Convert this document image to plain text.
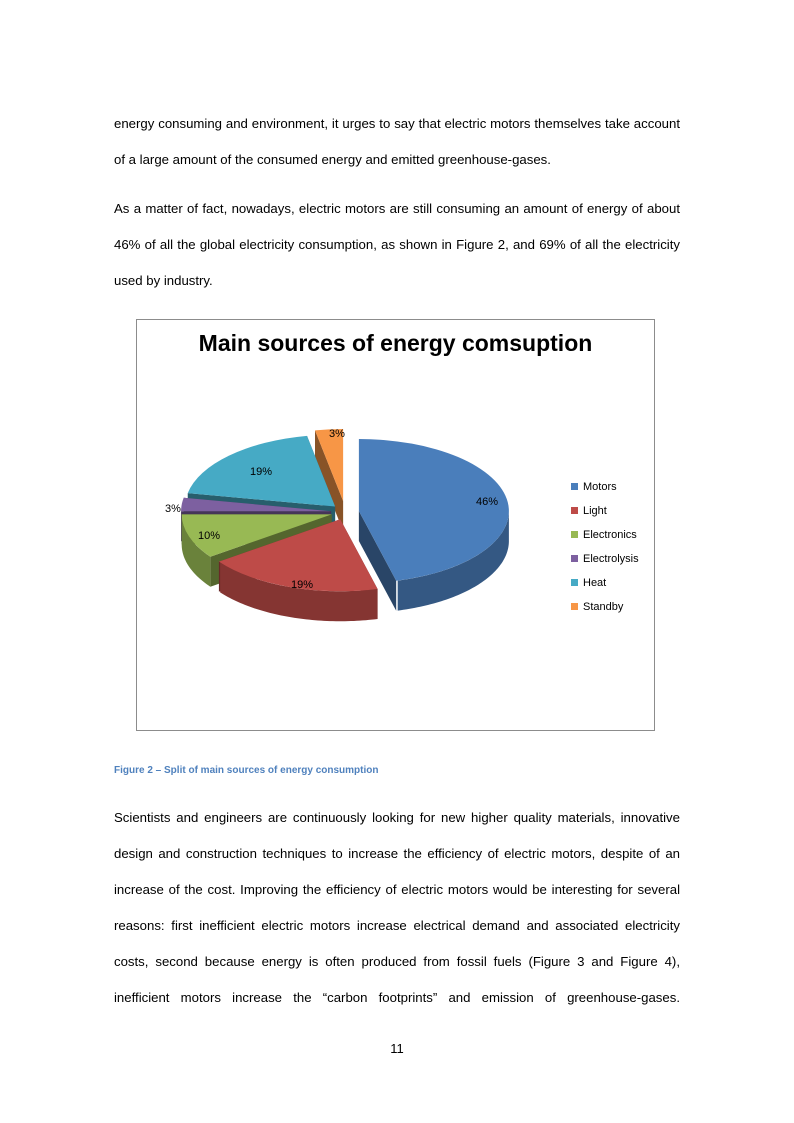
energy consuming and environment, it urges to say that electric motors themselves take account of a large amount of the consumed energy and emitted greenhouse-gases.

As a matter of fact, nowadays, electric motors are still consuming an amount of energy of about 46% of all the global electricity consumption, as shown in Figure 2, and 69% of all the electricity used by industry.

Main sources of energy comsuption
46%
19%
10%
3%
19%
3%
Motors
Light
Electronics
Electrolysis
Heat
Standby
Figure 2 – Split of main sources of energy consumption

Scientists and engineers are continuously looking for new higher quality materials, innovative design and construction techniques to increase the efficiency of electric motors, despite of an increase of the cost. Improving the efficiency of electric motors would be interesting for several reasons: first inefficient electric motors increase electrical demand and associated electricity costs, second because energy is often produced from fossil fuels (Figure 3 and Figure 4), inefficient motors increase the “carbon footprints” and emission of greenhouse-gases.

11
